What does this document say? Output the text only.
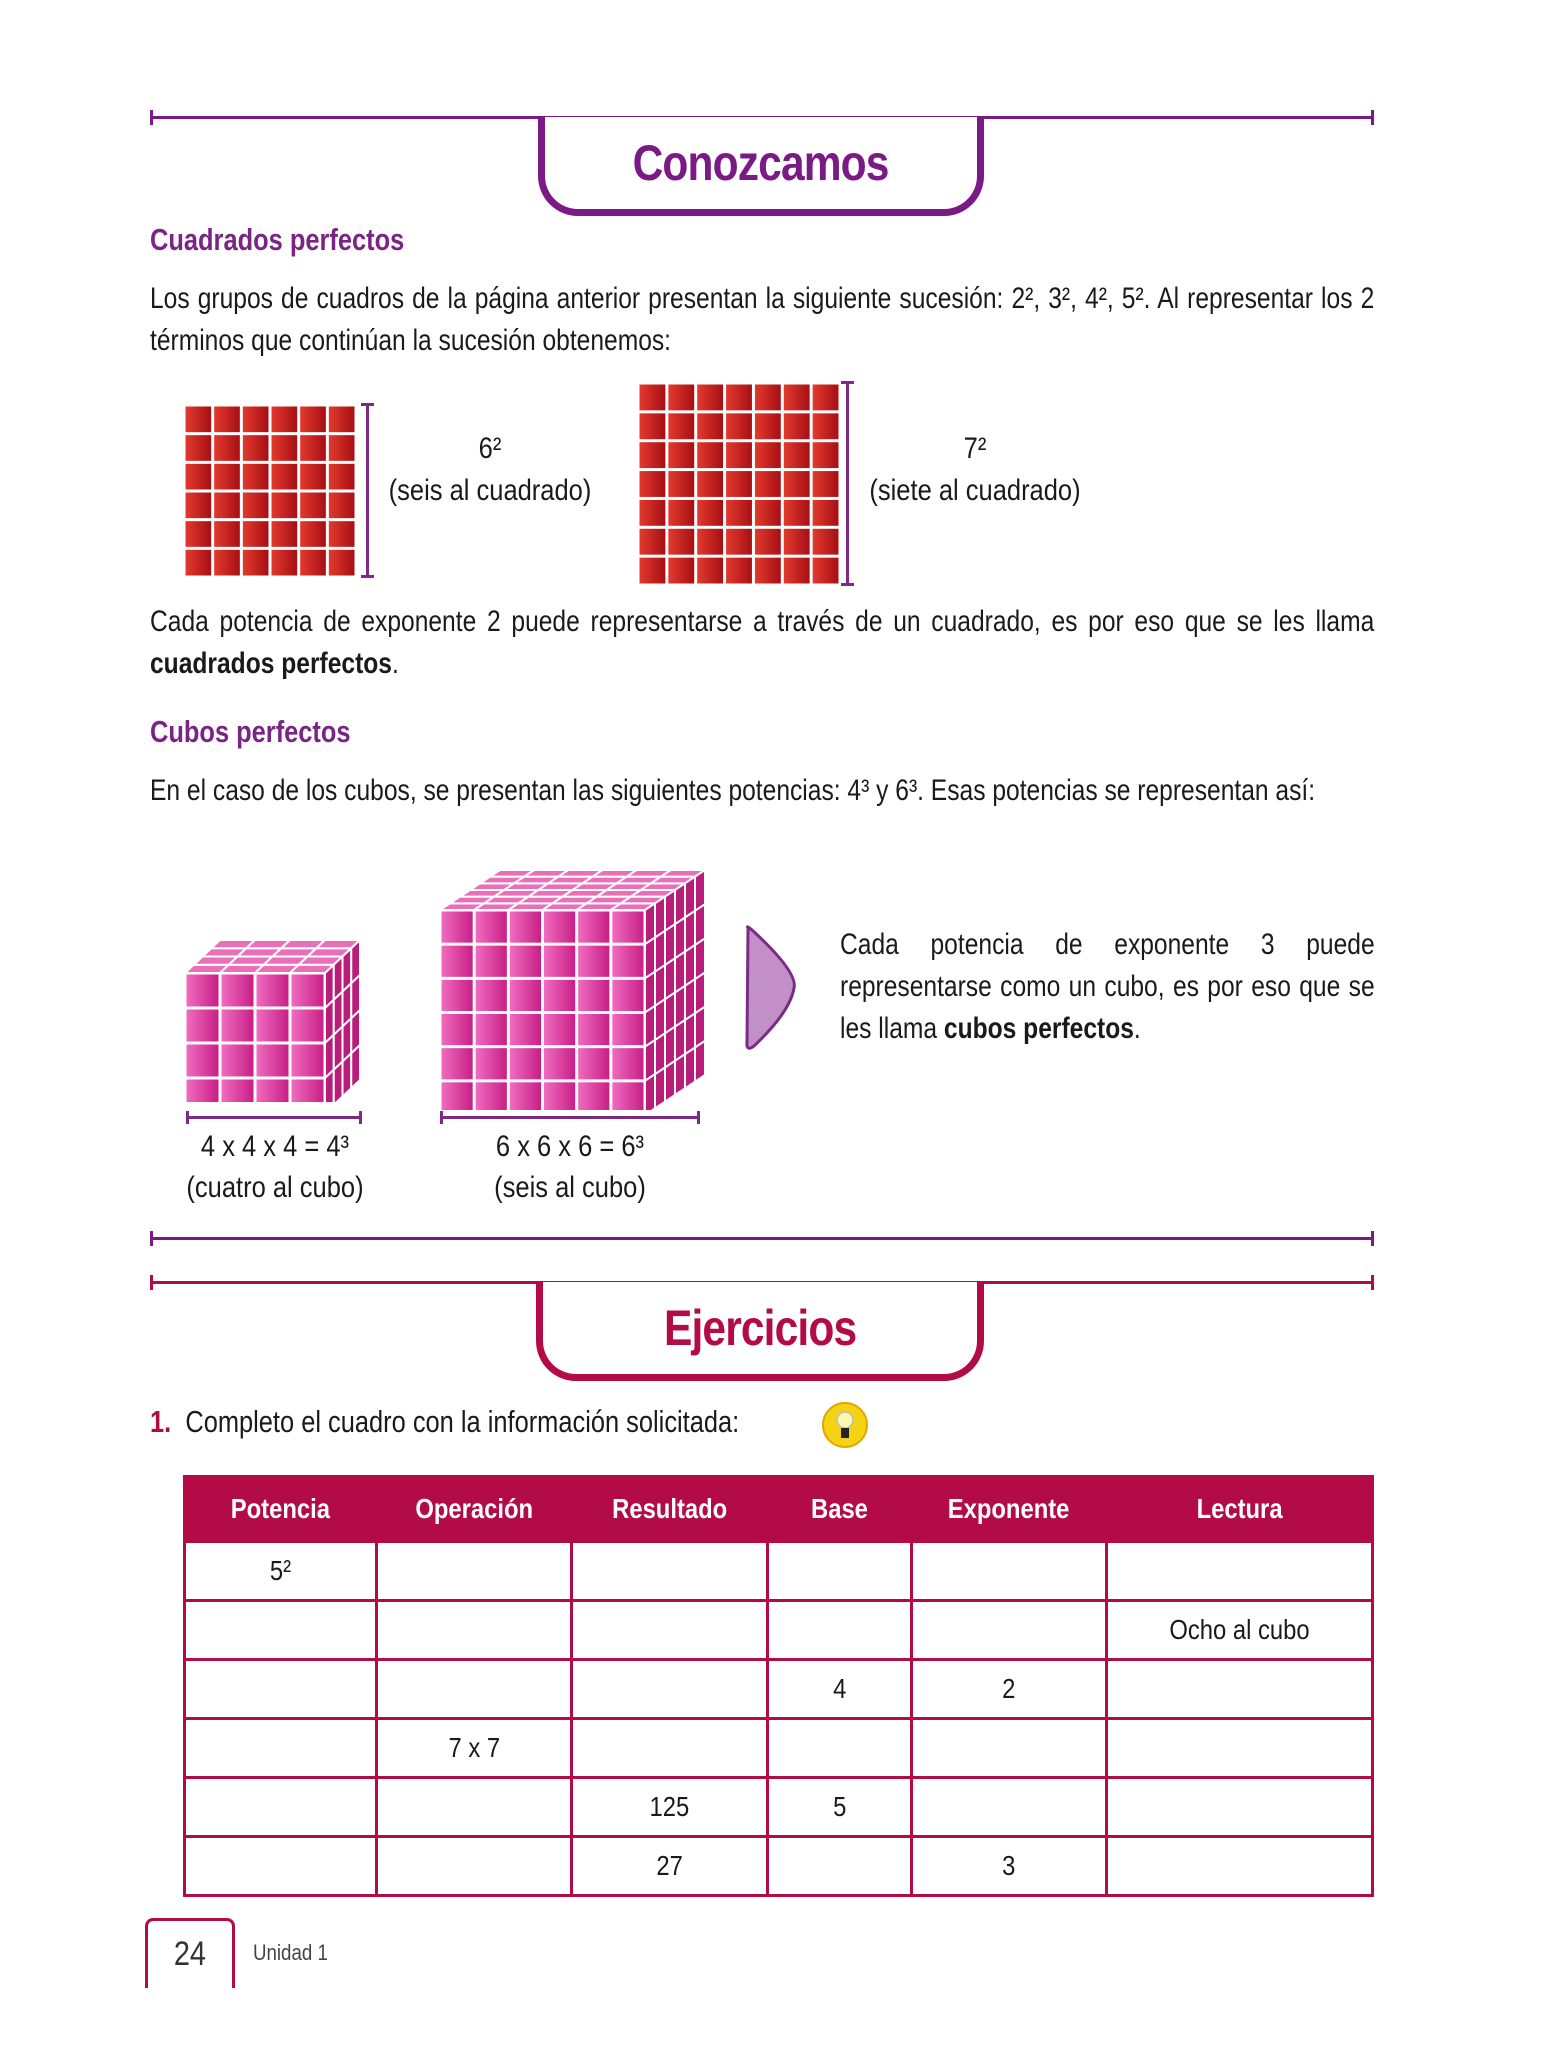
Conozcamos
Cuadrados perfectos
Los grupos de cuadros de la página anterior presentan la siguiente sucesión: 2², 3², 4², 5². Al representar los 2 términos que continúan la sucesión obtenemos:
6²
(seis al cuadrado)
7²
(siete al cuadrado)
Cada potencia de exponente 2 puede representarse a través de un cuadrado, es por eso que se les llama cuadrados perfectos.
Cubos perfectos
En el caso de los cubos, se presentan las siguientes potencias: 4³ y 6³. Esas potencias se representan así:
4 x 4 x 4 = 4³
(cuatro al cubo)
6 x 6 x 6 = 6³
(seis al cubo)
Cada potencia de exponente 3 puede representarse como un cubo, es por eso que se les llama cubos perfectos.
Ejercicios
1. Completo el cuadro con la información solicitada:
Potencia	Operación	Resultado	Base	Exponente	Lectura
5²					
					Ocho al cubo
			4	2	
	7 x 7				
		125	5		
		27		3	
24 Unidad 1
